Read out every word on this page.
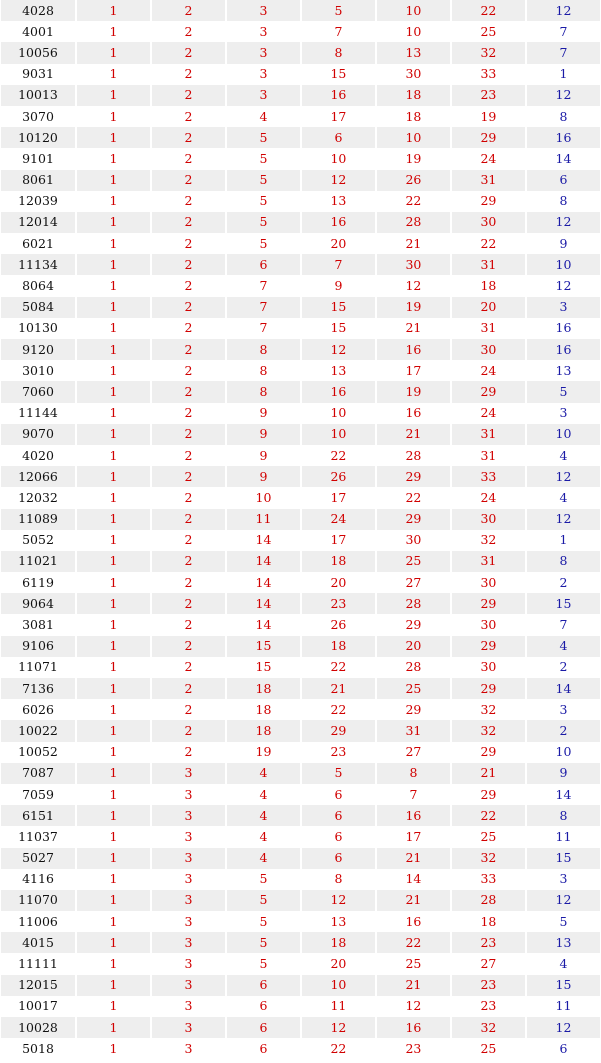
4028	1	2	3	5	10	22	12
4001	1	2	3	7	10	25	7
10056	1	2	3	8	13	32	7
9031	1	2	3	15	30	33	1
10013	1	2	3	16	18	23	12
3070	1	2	4	17	18	19	8
10120	1	2	5	6	10	29	16
9101	1	2	5	10	19	24	14
8061	1	2	5	12	26	31	6
12039	1	2	5	13	22	29	8
12014	1	2	5	16	28	30	12
6021	1	2	5	20	21	22	9
11134	1	2	6	7	30	31	10
8064	1	2	7	9	12	18	12
5084	1	2	7	15	19	20	3
10130	1	2	7	15	21	31	16
9120	1	2	8	12	16	30	16
3010	1	2	8	13	17	24	13
7060	1	2	8	16	19	29	5
11144	1	2	9	10	16	24	3
9070	1	2	9	10	21	31	10
4020	1	2	9	22	28	31	4
12066	1	2	9	26	29	33	12
12032	1	2	10	17	22	24	4
11089	1	2	11	24	29	30	12
5052	1	2	14	17	30	32	1
11021	1	2	14	18	25	31	8
6119	1	2	14	20	27	30	2
9064	1	2	14	23	28	29	15
3081	1	2	14	26	29	30	7
9106	1	2	15	18	20	29	4
11071	1	2	15	22	28	30	2
7136	1	2	18	21	25	29	14
6026	1	2	18	22	29	32	3
10022	1	2	18	29	31	32	2
10052	1	2	19	23	27	29	10
7087	1	3	4	5	8	21	9
7059	1	3	4	6	7	29	14
6151	1	3	4	6	16	22	8
11037	1	3	4	6	17	25	11
5027	1	3	4	6	21	32	15
4116	1	3	5	8	14	33	3
11070	1	3	5	12	21	28	12
11006	1	3	5	13	16	18	5
4015	1	3	5	18	22	23	13
11111	1	3	5	20	25	27	4
12015	1	3	6	10	21	23	15
10017	1	3	6	11	12	23	11
10028	1	3	6	12	16	32	12
5018	1	3	6	22	23	25	6
